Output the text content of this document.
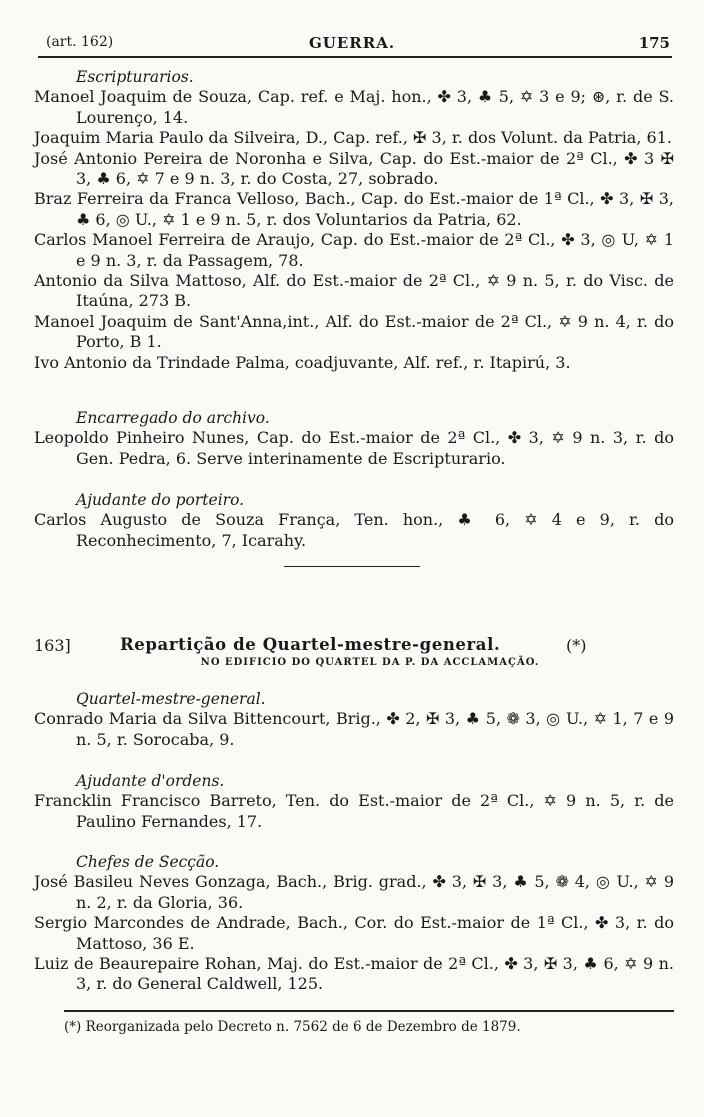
(art. 162)	GUERRA.	175
Escripturarios.
Manoel Joaquim de Souza, Cap. ref. e Maj. hon., ✤ 3, ♣ 5, ✡ 3 e 9; ⊛, r. de S. Lourenço, 14.
Joaquim Maria Paulo da Silveira, D., Cap. ref., ✠ 3, r. dos Volunt. da Patria, 61.
José Antonio Pereira de Noronha e Silva, Cap. do Est.-maior de 2ª Cl., ✤ 3 ✠ 3, ♣ 6, ✡ 7 e 9 n. 3, r. do Costa, 27, sobrado.
Braz Ferreira da Franca Velloso, Bach., Cap. do Est.-maior de 1ª Cl., ✤ 3, ✠ 3, ♣ 6, ◎ U., ✡ 1 e 9 n. 5, r. dos Voluntarios da Patria, 62.
Carlos Manoel Ferreira de Araujo, Cap. do Est.-maior de 2ª Cl., ✤ 3, ◎ U, ✡ 1 e 9 n. 3, r. da Passagem, 78.
Antonio da Silva Mattoso, Alf. do Est.-maior de 2ª Cl., ✡ 9 n. 5, r. do Visc. de Itaúna, 273 B.
Manoel Joaquim de Sant'Anna,int., Alf. do Est.-maior de 2ª Cl., ✡ 9 n. 4, r. do Porto, B 1.
Ivo Antonio da Trindade Palma, coadjuvante, Alf. ref., r. Itapirú, 3.
Encarregado do archivo.
Leopoldo Pinheiro Nunes, Cap. do Est.-maior de 2ª Cl., ✤ 3, ✡ 9 n. 3, r. do Gen. Pedra, 6. Serve interinamente de Escripturario.
Ajudante do porteiro.
Carlos Augusto de Souza França, Ten. hon., ♣ 6, ✡ 4 e 9, r. do Reconhecimento, 7, Icarahy.
163]	Repartição de Quartel-mestre-general.	(*)
NO EDIFICIO DO QUARTEL DA P. DA ACCLAMAÇÃO.
Quartel-mestre-general.
Conrado Maria da Silva Bittencourt, Brig., ✤ 2, ✠ 3, ♣ 5, ❁ 3, ◎ U., ✡ 1, 7 e 9 n. 5, r. Sorocaba, 9.
Ajudante d'ordens.
Francklin Francisco Barreto, Ten. do Est.-maior de 2ª Cl., ✡ 9 n. 5, r. de Paulino Fernandes, 17.
Chefes de Secção.
José Basileu Neves Gonzaga, Bach., Brig. grad., ✤ 3, ✠ 3, ♣ 5, ❁ 4, ◎ U., ✡ 9 n. 2, r. da Gloria, 36.
Sergio Marcondes de Andrade, Bach., Cor. do Est.-maior de 1ª Cl., ✤ 3, r. do Mattoso, 36 E.
Luiz de Beaurepaire Rohan, Maj. do Est.-maior de 2ª Cl., ✤ 3, ✠ 3, ♣ 6, ✡ 9 n. 3, r. do General Caldwell, 125.
(*) Reorganizada pelo Decreto n. 7562 de 6 de Dezembro de 1879.
